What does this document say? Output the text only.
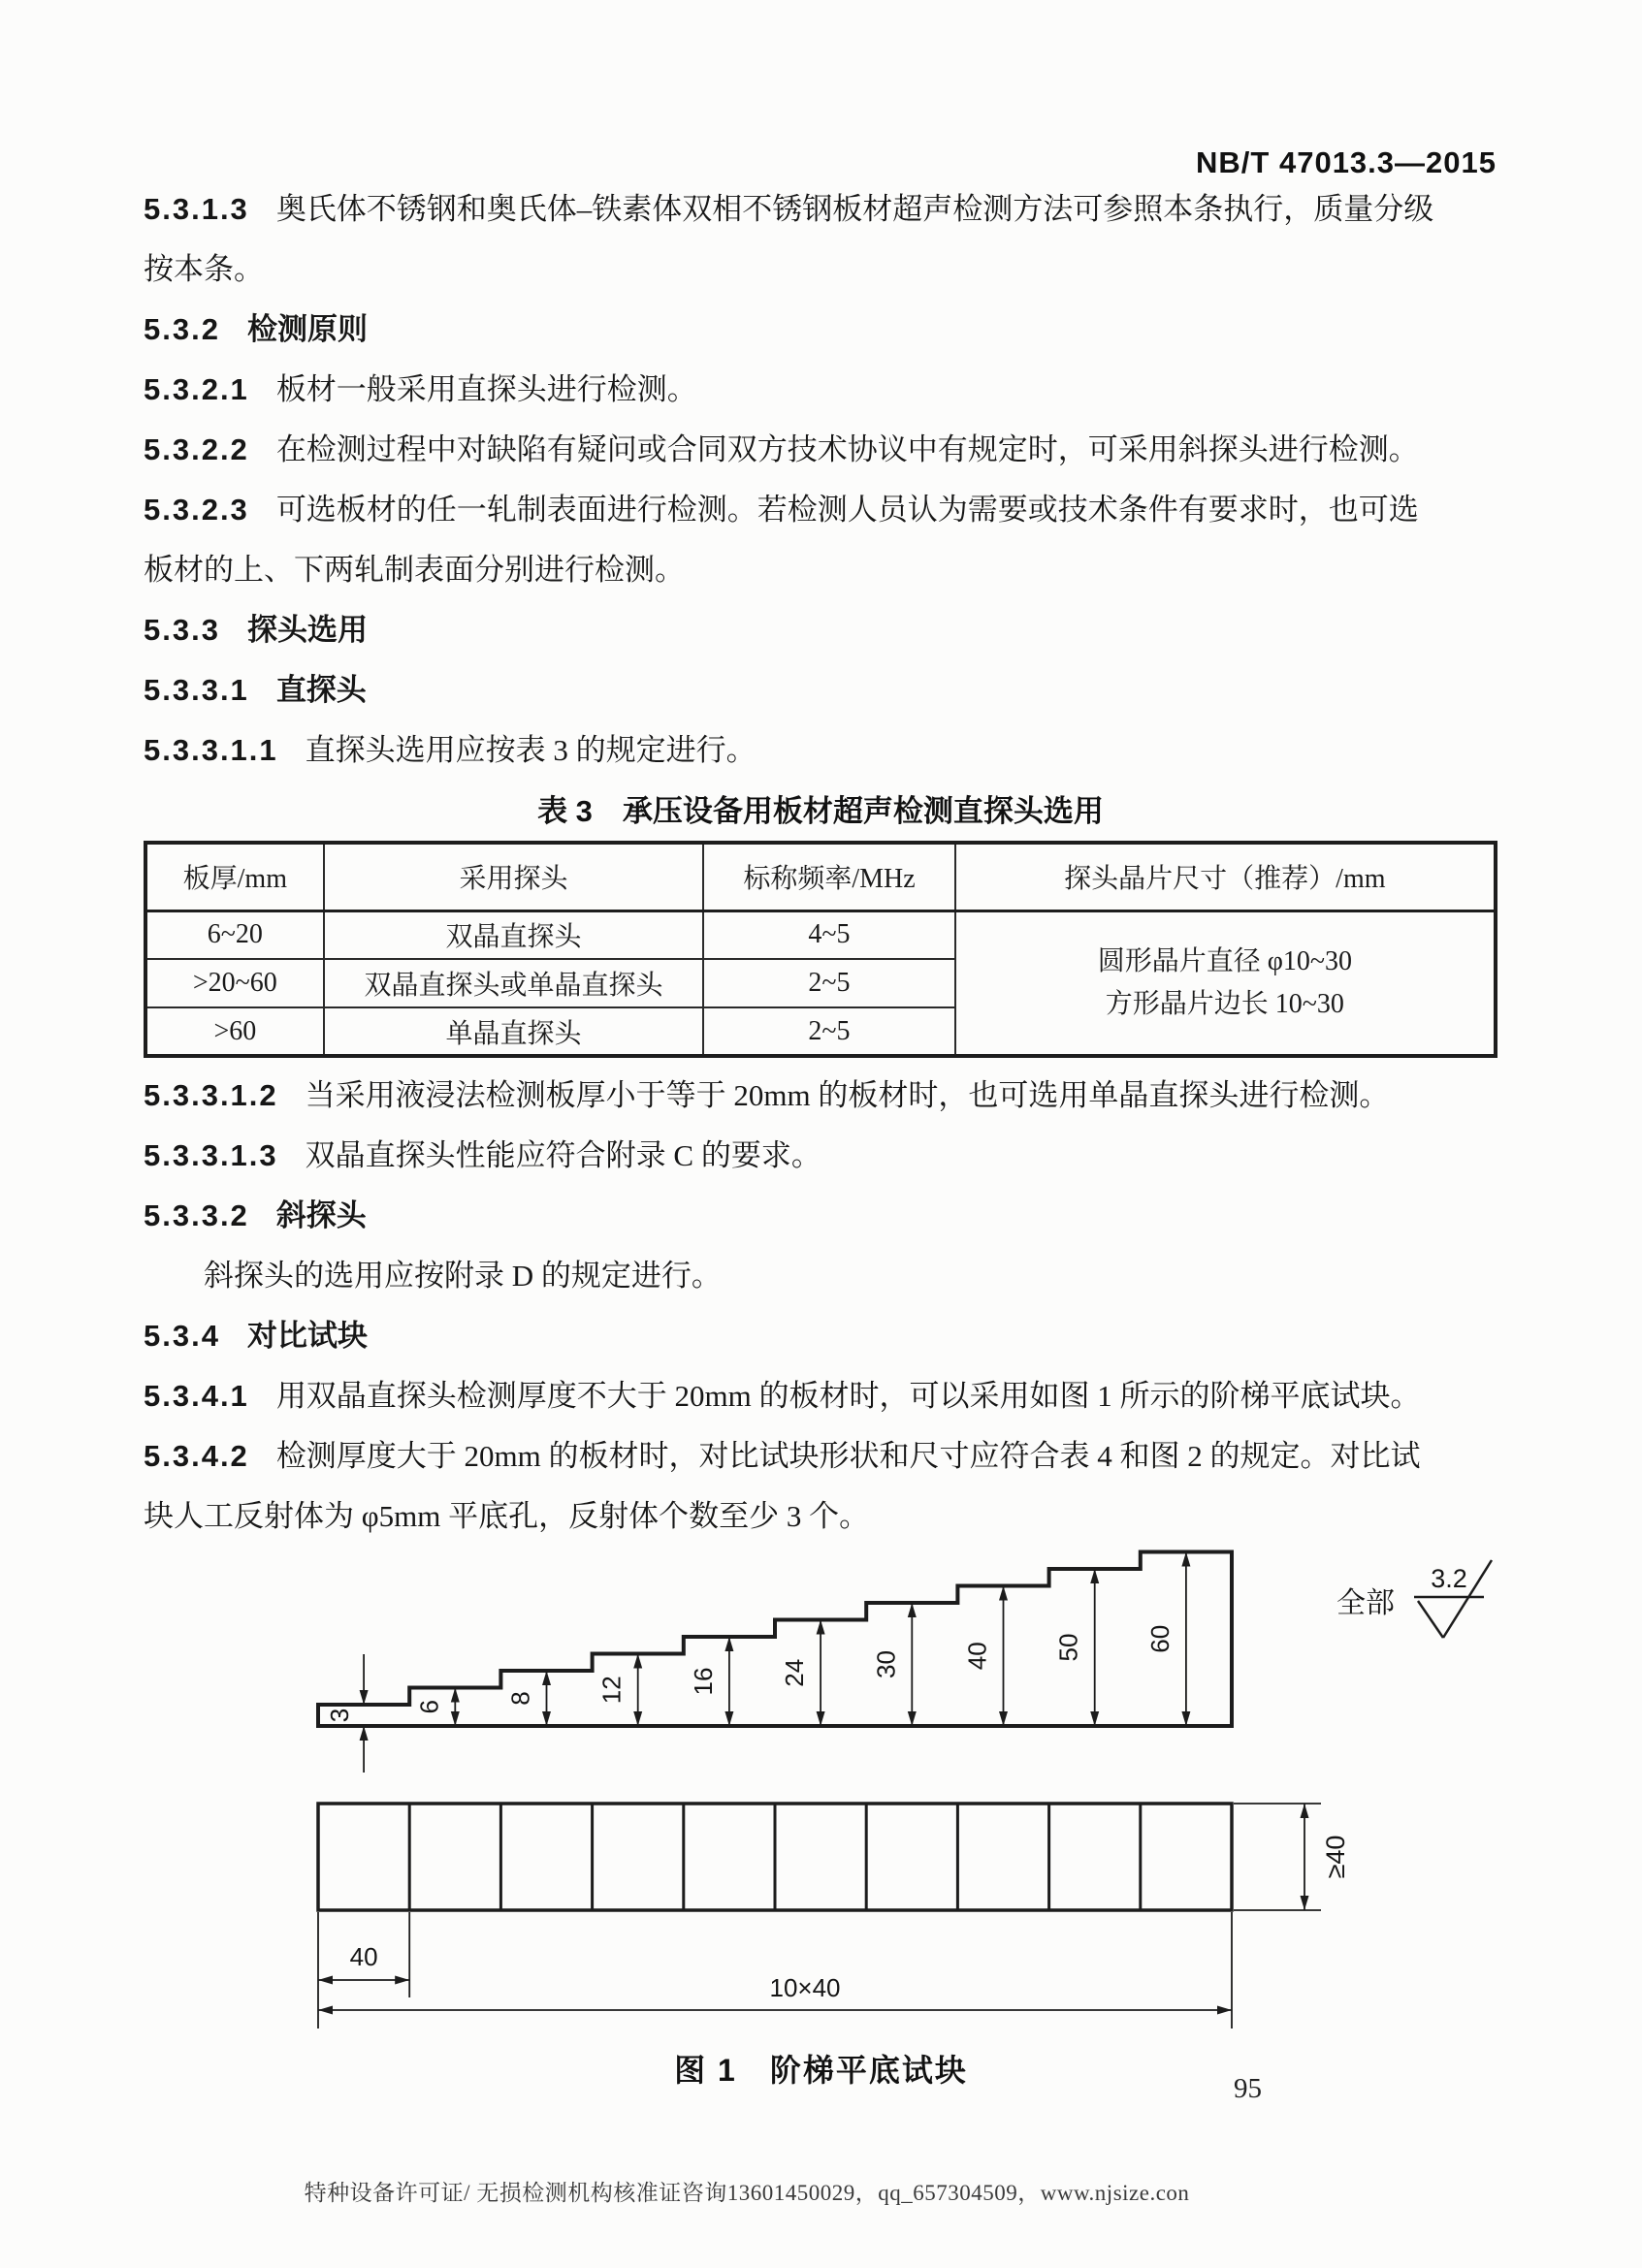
NB/T 47013.3—2015
5.3.1.3 奥氏体不锈钢和奥氏体–铁素体双相不锈钢板材超声检测方法可参照本条执行，质量分级
按本条。
5.3.2 检测原则
5.3.2.1 板材一般采用直探头进行检测。
5.3.2.2 在检测过程中对缺陷有疑问或合同双方技术协议中有规定时，可采用斜探头进行检测。
5.3.2.3 可选板材的任一轧制表面进行检测。若检测人员认为需要或技术条件有要求时，也可选
板材的上、下两轧制表面分别进行检测。
5.3.3 探头选用
5.3.3.1 直探头
5.3.3.1.1 直探头选用应按表 3 的规定进行。
表 3　承压设备用板材超声检测直探头选用
板厚/mm	采用探头	标称频率/MHz	探头晶片尺寸（推荐）/mm
6~20	双晶直探头	4~5	圆形晶片直径 φ10~30
方形晶片边长 10~30

>20~60	双晶直探头或单晶直探头	2~5	
>60	单晶直探头	2~5	
5.3.3.1.2 当采用液浸法检测板厚小于等于 20mm 的板材时，也可选用单晶直探头进行检测。
5.3.3.1.3 双晶直探头性能应符合附录 C 的要求。
5.3.3.2 斜探头
斜探头的选用应按附录 D 的规定进行。
5.3.4 对比试块
5.3.4.1 用双晶直探头检测厚度不大于 20mm 的板材时，可以采用如图 1 所示的阶梯平底试块。
5.3.4.2 检测厚度大于 20mm 的板材时，对比试块形状和尺寸应符合表 4 和图 2 的规定。对比试
块人工反射体为 φ5mm 平底孔，反射体个数至少 3 个。
3
6
8 12 16 24 30 40 50 60
全部
3.2
≥40
40
10×40
图 1　阶梯平底试块
95
特种设备许可证/ 无损检测机构核准证咨询13601450029，qq_657304509，www.njsize.con
